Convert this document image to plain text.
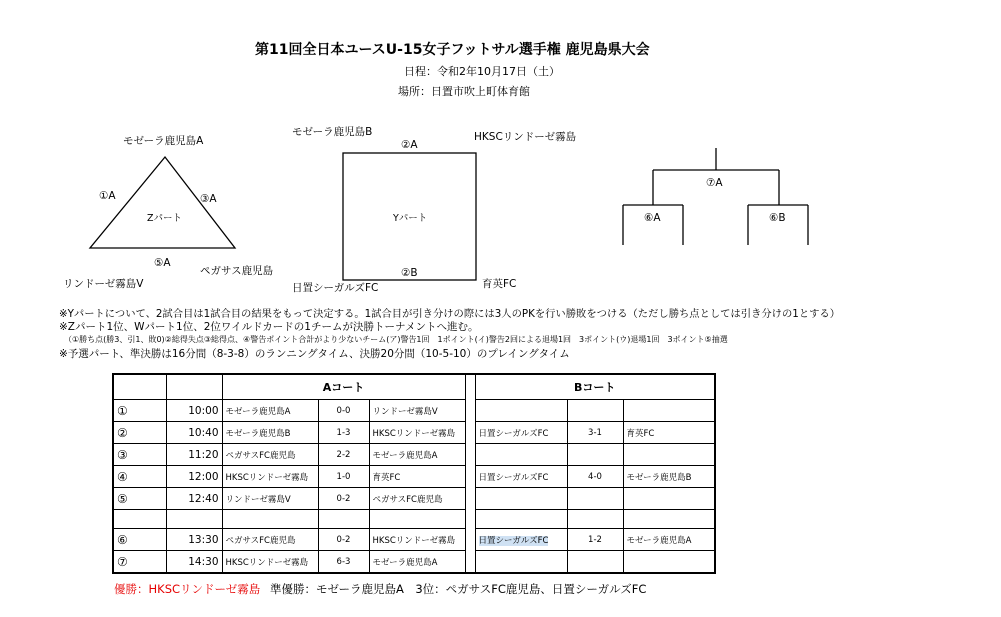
第11回全日本ユースU-15女子フットサル選手権 鹿児島県大会
日程：令和2年10月17日（土）
場所：日置市吹上町体育館
モゼーラ鹿児島A
①A	③A
Zパート
⑤A
リンドーゼ霧島V
ペガサス鹿児島
モゼーラ鹿児島B	HKSCリンドーゼ霧島
②A
Yパート
②B
日置シーガルズFC	育英FC
⑦A
⑥A	⑥B
※Yパートについて、2試合目は1試合目の結果をもって決定する。1試合目が引き分けの際には3人のPKを行い勝敗をつける（ただし勝ち点としては引き分けの1とする）
※Zパート1位、Wパート1位、2位ワイルドカードの1チームが決勝トーナメントへ進む。
（①勝ち点(勝3、引1、敗0)②総得失点③総得点、④警告ポイント合計がより少ないチーム(ア)警告1回　1ポイント(イ)警告2回による退場1回　3ポイント(ウ)退場1回　3ポイント⑤抽選
※予選パート、準決勝は16分間（8-3-8）のランニングタイム、決勝20分間（10-5-10）のプレイングタイム
		Aコート				Bコート		
①	10:00	モゼーラ鹿児島A	0-0	リンドーゼ霧島V				
②	10:40	モゼーラ鹿児島B	1-3	HKSCリンドーゼ霧島		日置シーガルズFC	3-1	育英FC
③	11:20	ペガサスFC鹿児島	2-2	モゼーラ鹿児島A				
④	12:00	HKSCリンドーゼ霧島	1-0	育英FC		日置シーガルズFC	4-0	モゼーラ鹿児島B
⑤	12:40	リンドーゼ霧島V	0-2	ペガサスFC鹿児島				

⑥	13:30	ペガサスFC鹿児島	0-2	HKSCリンドーゼ霧島		日置シーガルズFC	1-2	モゼーラ鹿児島A
⑦	14:30	HKSCリンドーゼ霧島	6-3	モゼーラ鹿児島A				
優勝：HKSCリンドーゼ霧島 準優勝：モゼーラ鹿児島A　3位：ペガサスFC鹿児島、日置シーガルズFC
